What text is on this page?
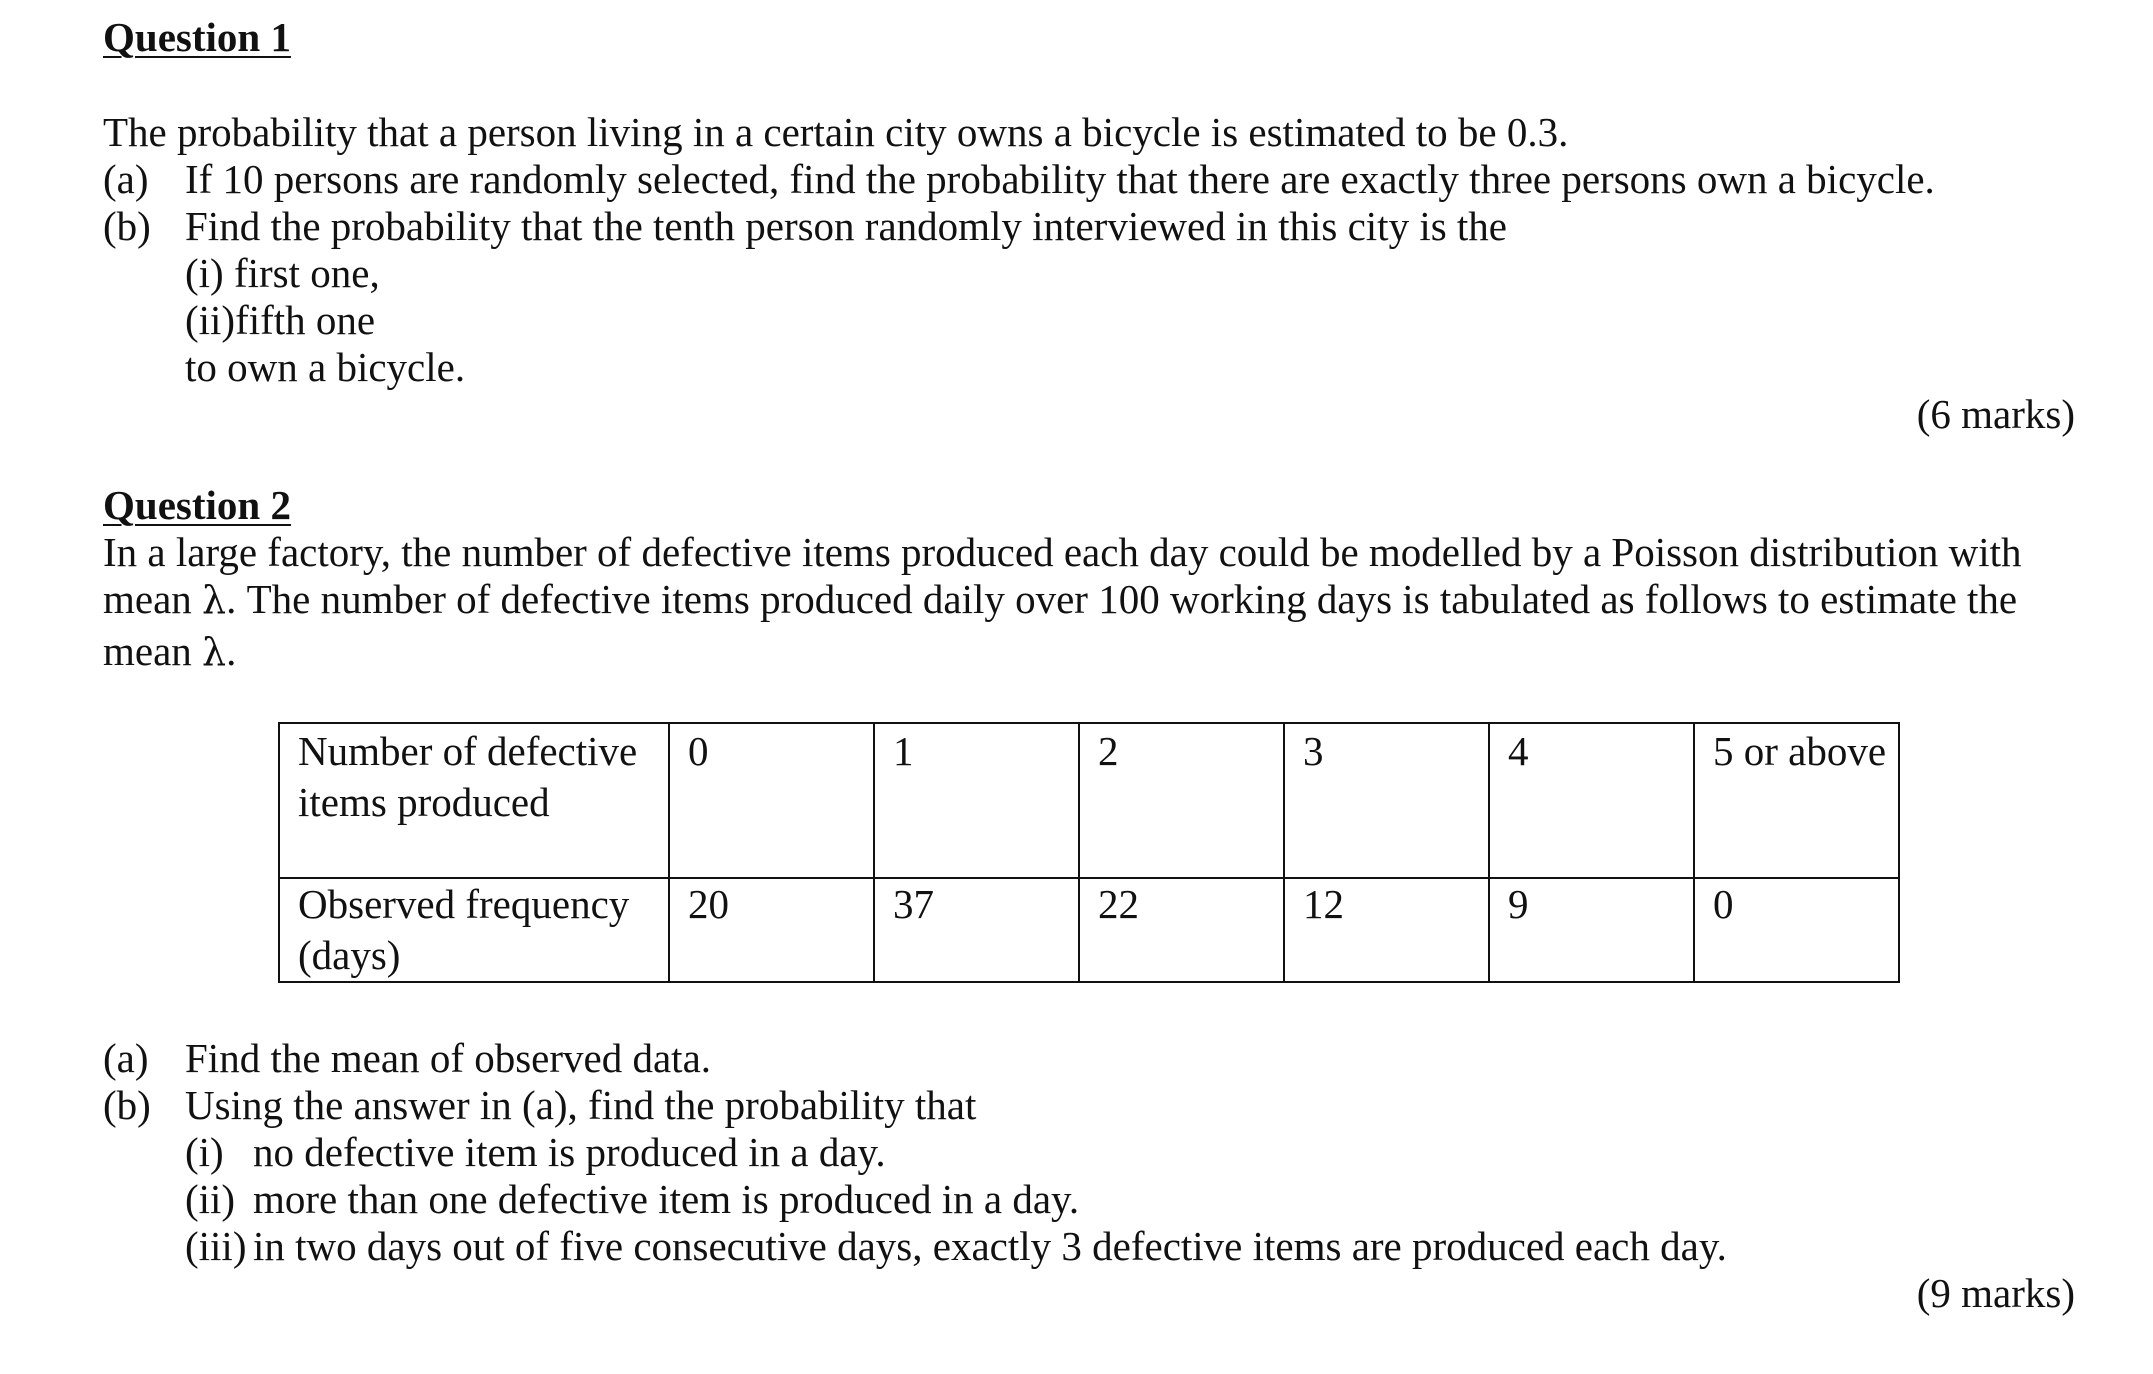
Question 1
The probability that a person living in a certain city owns a bicycle is estimated to be 0.3.
(a) If 10 persons are randomly selected, find the probability that there are exactly three persons own a bicycle.
(b) Find the probability that the tenth person randomly interviewed in this city is the
(i) first one,
(ii)fifth one
to own a bicycle.
(6 marks)
Question 2
In a large factory, the number of defective items produced each day could be modelled by a Poisson distribution with
mean λ. The number of defective items produced daily over 100 working days is tabulated as follows to estimate the
mean λ.
Number of defective items produced	0	1	2	3	4	5 or above
Observed frequency (days)	20	37	22	12	9	0
(a) Find the mean of observed data.
(b) Using the answer in (a), find the probability that
(i) no defective item is produced in a day.
(ii) more than one defective item is produced in a day.
(iii) in two days out of five consecutive days, exactly 3 defective items are produced each day.
(9 marks)
